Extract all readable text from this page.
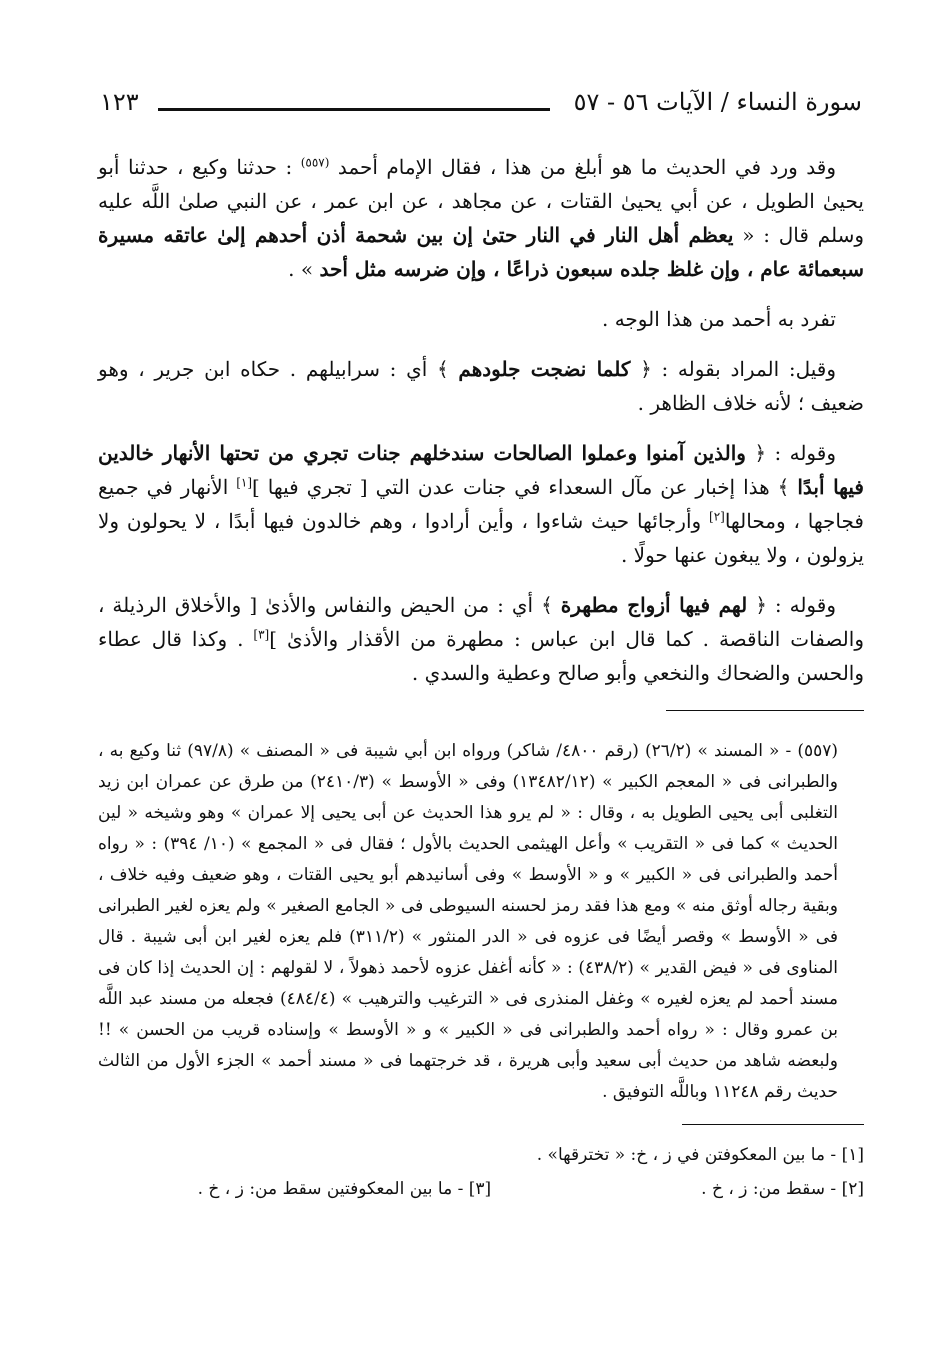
سورة النساء / الآيات ٥٦ - ٥٧
١٢٣

وقد ورد في الحديث ما هو أبلغ من هذا ، فقال الإمام أحمد $^{(٥٥٧)}$ : حدثنا وكيع ، حدثنا أبو يحيىٰ الطويل ، عن أبي يحيىٰ القتات ، عن مجاهد ، عن ابن عمر ، عن النبي صلىٰ اللَّه عليه وسلم قال : « يعظم أهل النار في النار حتىٰ إن بين شحمة أذن أحدهم إلىٰ عاتقه مسيرة سبعمائة عام ، وإن غلظ جلده سبعون ذراعًا ، وإن ضرسه مثل أحد » .

تفرد به أحمد من هذا الوجه .

وقيل: المراد بقوله : ﴿ كلما نضجت جلودهم ﴾ أي : سرابيلهم . حكاه ابن جرير ، وهو ضعيف ؛ لأنه خلاف الظاهر .

وقوله : ﴿ والذين آمنوا وعملوا الصالحات سندخلهم جنات تجري من تحتها الأنهار خالدين فيها أبدًا ﴾ هذا إخبار عن مآل السعداء في جنات عدن التي [ تجري فيها ][١] الأنهار في جميع فجاجها ، ومحالها[٢] وأرجائها حيث شاءوا ، وأين أرادوا ، وهم خالدون فيها أبدًا ، لا يحولون ولا يزولون ، ولا يبغون عنها حولًا .

وقوله : ﴿ لهم فيها أزواج مطهرة ﴾ أي : من الحيض والنفاس والأذىٰ [ والأخلاق الرذيلة ، والصفات الناقصة . كما قال ابن عباس : مطهرة من الأقذار والأذىٰ ][٣] . وكذا قال عطاء والحسن والضحاك والنخعي وأبو صالح وعطية والسدي .

(٥٥٧) - « المسند » (٢٦/٢) (رقم ٤٨٠٠/ شاكر) ورواه ابن أبي شيبة فى « المصنف » (٩٧/٨) ثنا وكيع به ، والطبرانى فى « المعجم الكبير » (١٣٤٨٢/١٢) وفى « الأوسط » (٢٤١٠/٣) من طرق عن عمران ابن زيد التغلبى أبى يحيى الطويل به ، وقال : « لم يرو هذا الحديث عن أبى يحيى إلا عمران » وهو وشيخه « لين الحديث » كما فى « التقريب » وأعل الهيثمى الحديث بالأول ؛ فقال فى « المجمع » (١٠/ ٣٩٤) : « رواه أحمد والطبرانى فى « الكبير » و « الأوسط » وفى أسانيدهم أبو يحيى القتات ، وهو ضعيف وفيه خلاف ، وبقية رجاله أوثق منه » ومع هذا فقد رمز لحسنه السيوطى فى « الجامع الصغير » ولم يعزه لغير الطبرانى فى « الأوسط » وقصر أيضًا فى عزوه فى « الدر المنثور » (٣١١/٢) فلم يعزه لغير ابن أبى شيبة . قال المناوى فى « فيض القدير » (٤٣٨/٢) : « كأنه أغفل عزوه لأحمد ذهولاً ، لا لقولهم : إن الحديث إذا كان فى مسند أحمد لم يعزه لغيره » وغفل المنذرى فى « الترغيب والترهيب » (٤٨٤/٤) فجعله من مسند عبد اللَّه بن عمرو وقال : « رواه أحمد والطبرانى فى « الكبير » و « الأوسط » وإسناده قريب من الحسن » !! ولبعضه شاهد من حديث أبى سعيد وأبى هريرة ، قد خرجتهما فى « مسند أحمد » الجزء الأول من الثالث حديث رقم ١١٢٤٨ وباللَّه التوفيق .
[١] - ما بين المعكوفتن في ز ، خ: « تخترقها» .
[٢] - سقط من: ز ، خ .
[٣] - ما بين المعكوفتين سقط من: ز ، خ .
